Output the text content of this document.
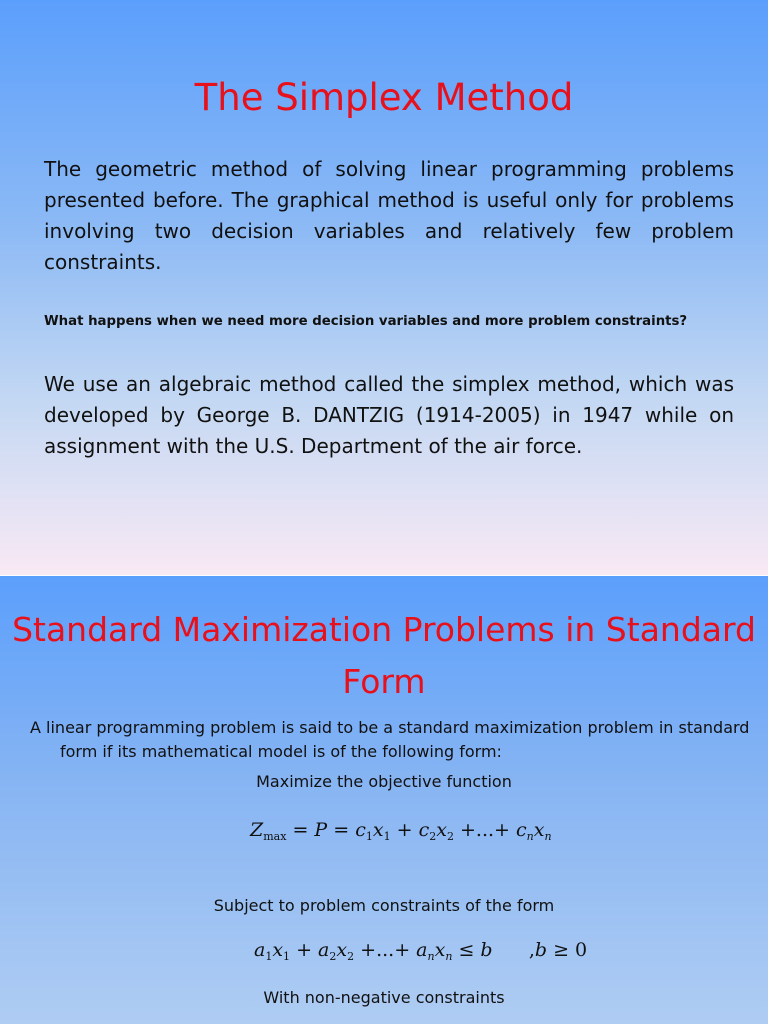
The Simplex Method
The geometric method of solving linear programming problems presented before. The graphical method is useful only for problems involving two decision variables and relatively few problem constraints.
What happens when we need more decision variables and more problem constraints?
We use an algebraic method called the simplex method, which was developed by George B. DANTZIG (1914-2005) in 1947 while on assignment with the U.S. Department of the air force.
Standard Maximization Problems in Standard Form
A linear programming problem is said to be a standard maximization problem in standard form if its mathematical model is of the following form:
Maximize the objective function
$Z_{max} = P = c_1x_1 + c_2x_2$ +...+ $c_nx_n$
Subject to problem constraints of the form
$a_1x_1 + a_2x_2$ +...+ $a_nx_n \le b$      ,b ≥ 0
With non-negative constraints
